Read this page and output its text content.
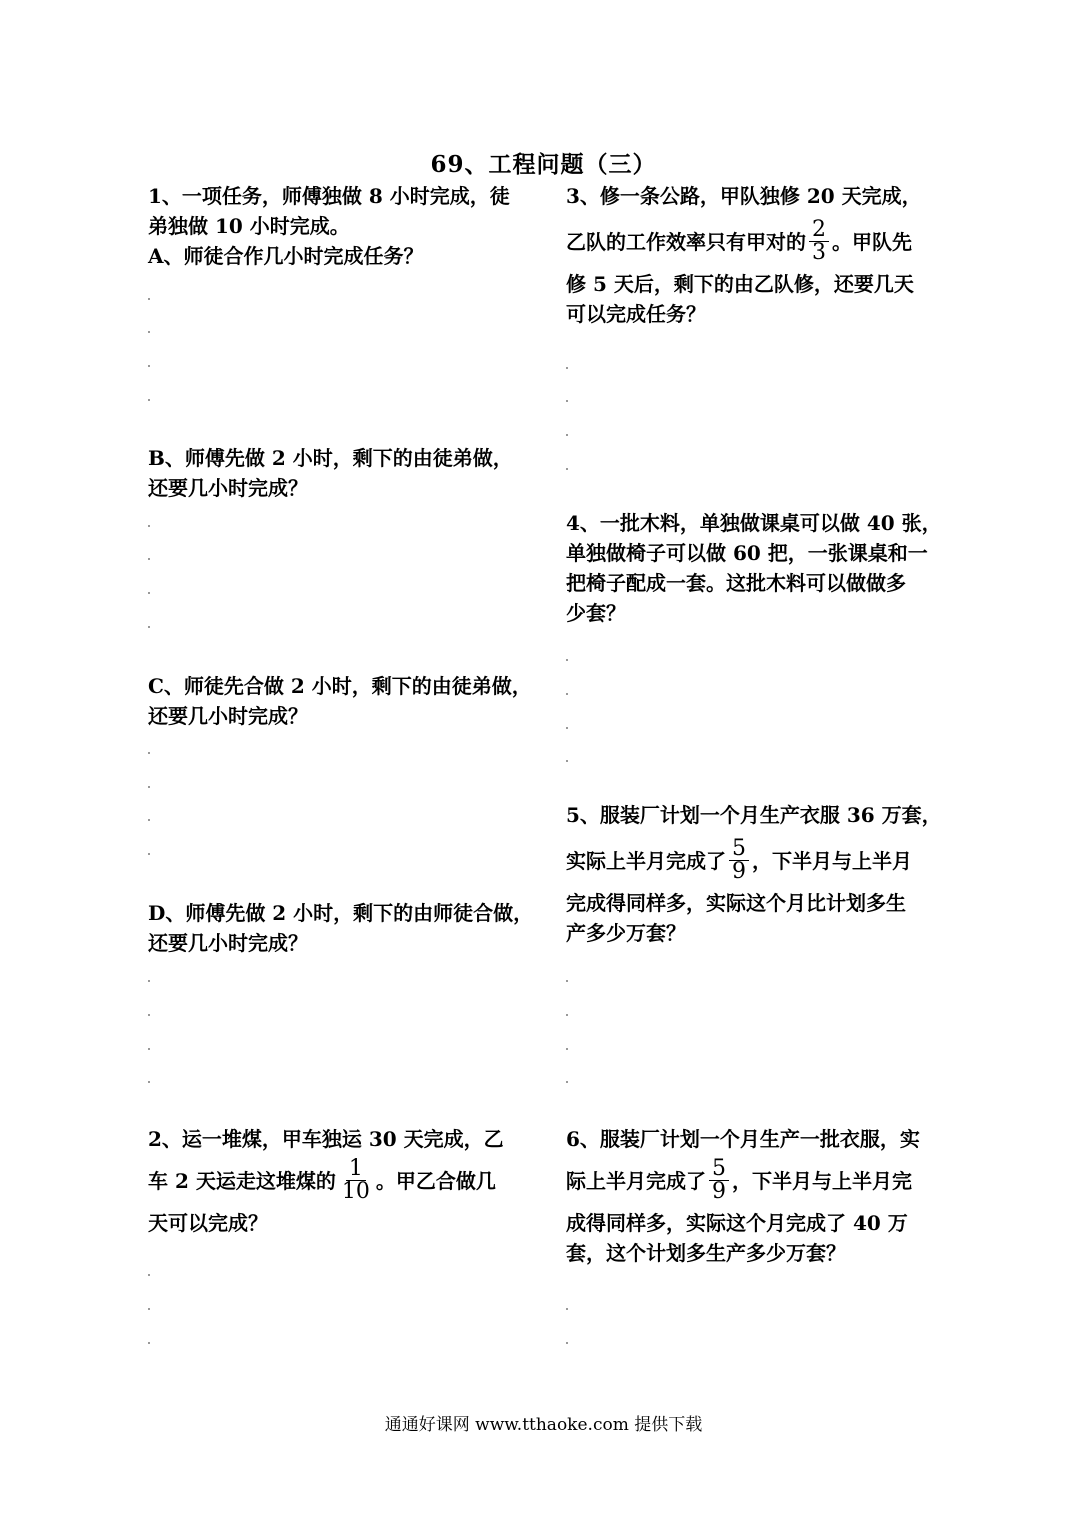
69、工程问题（三）

1、一项任务，师傅独做 8 小时完成，徒

弟独做 10 小时完成。

A、师徒合作几小时完成任务？

B、师傅先做 2 小时，剩下的由徒弟做，

还要几小时完成？

C、师徒先合做 2 小时，剩下的由徒弟做，

还要几小时完成？

D、师傅先做 2 小时，剩下的由师徒合做，

还要几小时完成？

2、运一堆煤，甲车独运 30 天完成，乙

车 2 天运走这堆煤的 $\frac{1}{10}$ 。甲乙合做几

天可以完成？

3、修一条公路，甲队独修 20 天完成，

乙队的工作效率只有甲对的 $\frac{2}{3}$ 。甲队先

修 5 天后，剩下的由乙队修，还要几天

可以完成任务？

4、一批木料，单独做课桌可以做 40 张，

单独做椅子可以做 60 把，一张课桌和一

把椅子配成一套。这批木料可以做做多

少套？

5、服装厂计划一个月生产衣服 36 万套，

实际上半月完成了 $\frac{5}{9}$ ，下半月与上半月

完成得同样多，实际这个月比计划多生

产多少万套？

6、服装厂计划一个月生产一批衣服，实

际上半月完成了 $\frac{5}{9}$ ，下半月与上半月完

成得同样多，实际这个月完成了 40 万

套，这个计划多生产多少万套？

通通好课网 www.tthaoke.com 提供下载
